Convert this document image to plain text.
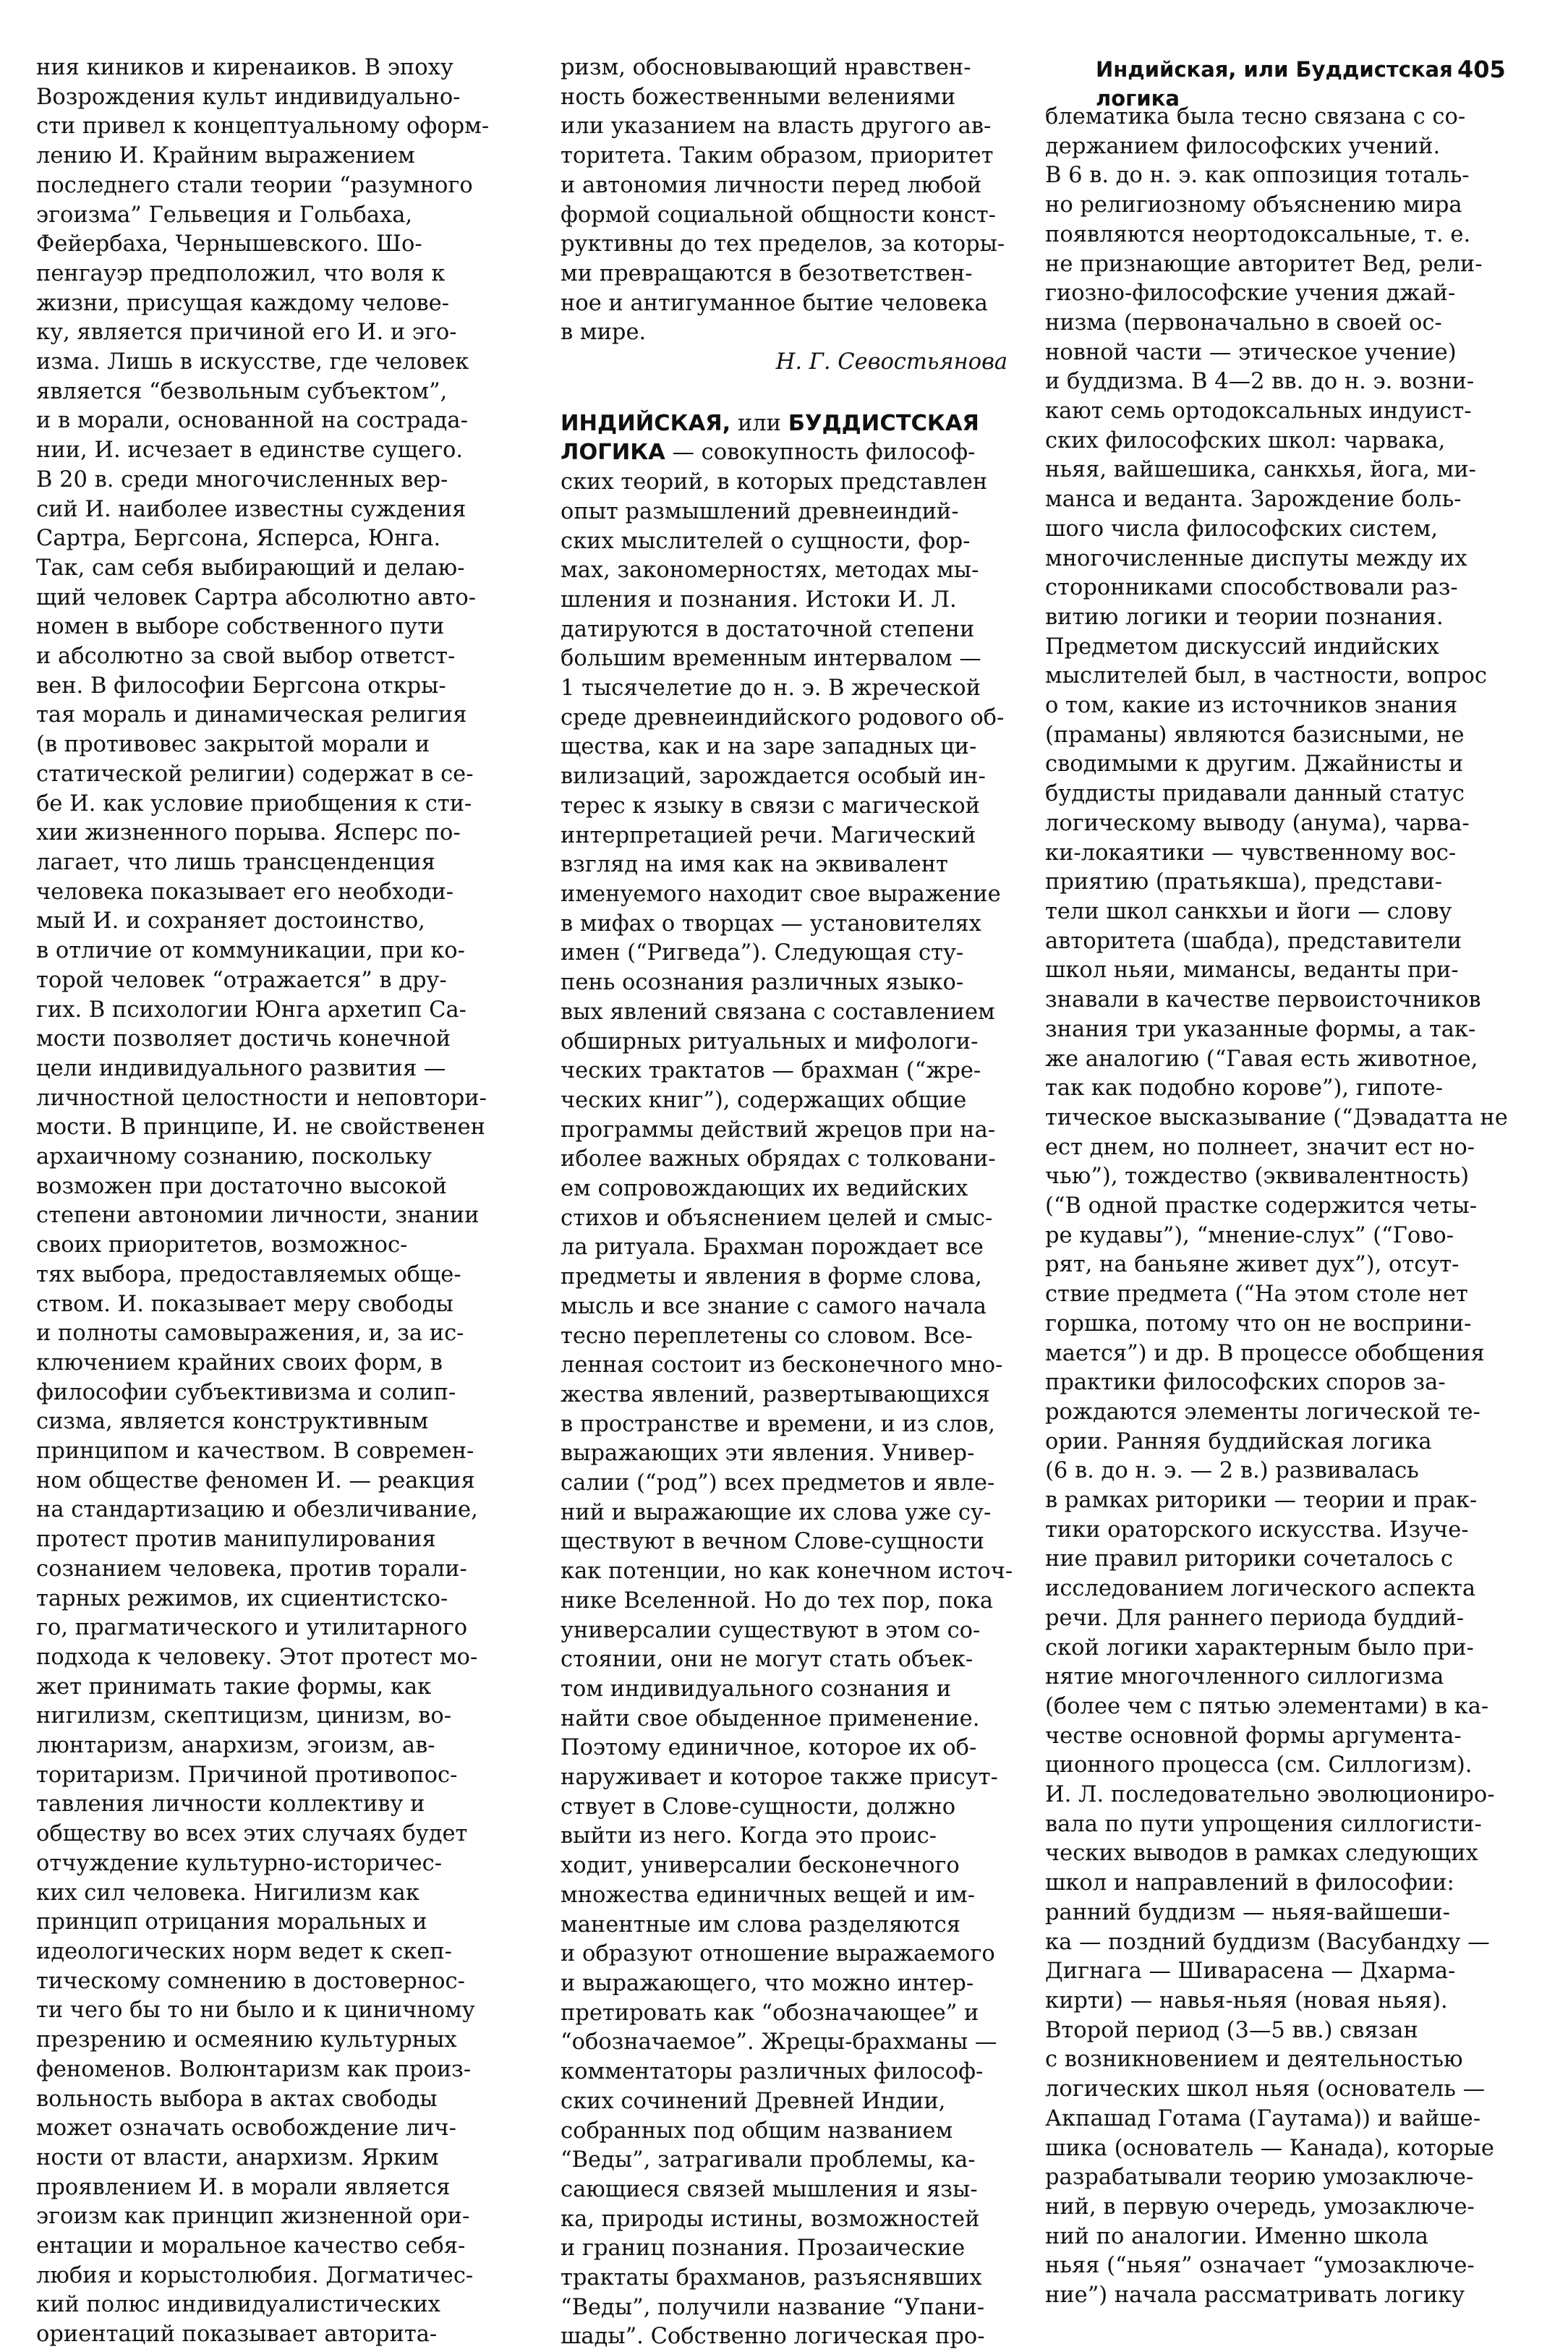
Индийская, или Буддистская
логика
405
ния киников и киренаиков. В эпоху
Возрождения культ индивидуально-
сти привел к концептуальному оформ-
лению И. Крайним выражением
последнего стали теории “разумного
эгоизма” Гельвеция и Гольбаха,
Фейербаха, Чернышевского. Шо-
пенгауэр предположил, что воля к
жизни, присущая каждому челове-
ку, является причиной его И. и эго-
изма. Лишь в искусстве, где человек
является “безвольным субъектом”,
и в морали, основанной на сострада-
нии, И. исчезает в единстве сущего.
В 20 в. среди многочисленных вер-
сий И. наиболее известны суждения
Сартра, Бергсона, Ясперса, Юнга.
Так, сам себя выбирающий и делаю-
щий человек Сартра абсолютно авто-
номен в выборе собственного пути
и абсолютно за свой выбор ответст-
вен. В философии Бергсона откры-
тая мораль и динамическая религия
(в противовес закрытой морали и
статической религии) содержат в се-
бе И. как условие приобщения к сти-
хии жизненного порыва. Ясперс по-
лагает, что лишь трансценденция
человека показывает его необходи-
мый И. и сохраняет достоинство,
в отличие от коммуникации, при ко-
торой человек “отражается” в дру-
гих. В психологии Юнга архетип Са-
мости позволяет достичь конечной
цели индивидуального развития —
личностной целостности и неповтори-
мости. В принципе, И. не свойственен
архаичному сознанию, поскольку
возможен при достаточно высокой
степени автономии личности, знании
своих приоритетов, возможнос-
тях выбора, предоставляемых обще-
ством. И. показывает меру свободы
и полноты самовыражения, и, за ис-
ключением крайних своих форм, в
философии субъективизма и солип-
сизма, является конструктивным
принципом и качеством. В современ-
ном обществе феномен И. — реакция
на стандартизацию и обезличивание,
протест против манипулирования
сознанием человека, против торали-
тарных режимов, их сциентистско-
го, прагматического и утилитарного
подхода к человеку. Этот протест мо-
жет принимать такие формы, как
нигилизм, скептицизм, цинизм, во-
люнтаризм, анархизм, эгоизм, ав-
торитаризм. Причиной противопос-
тавления личности коллективу и
обществу во всех этих случаях будет
отчуждение культурно-историчес-
ких сил человека. Нигилизм как
принцип отрицания моральных и
идеологических норм ведет к скеп-
тическому сомнению в достовернос-
ти чего бы то ни было и к циничному
презрению и осмеянию культурных
феноменов. Волюнтаризм как произ-
вольность выбора в актах свободы
может означать освобождение лич-
ности от власти, анархизм. Ярким
проявлением И. в морали является
эгоизм как принцип жизненной ори-
ентации и моральное качество себя-
любия и корыстолюбия. Догматичес-
кий полюс индивидуалистических
ориентаций показывает авторита-
ризм, обосновывающий нравствен-
ность божественными велениями
или указанием на власть другого ав-
торитета. Таким образом, приоритет
и автономия личности перед любой
формой социальной общности конст-
руктивны до тех пределов, за которы-
ми превращаются в безответствен-
ное и антигуманное бытие человека
в мире.
Н. Г. Севостьянова
ИНДИЙСКАЯ, или БУДДИСТСКАЯ
ЛОГИКА — совокупность философ-
ских теорий, в которых представлен
опыт размышлений древнеиндий-
ских мыслителей о сущности, фор-
мах, закономерностях, методах мы-
шления и познания. Истоки И. Л.
датируются в достаточной степени
большим временным интервалом —
1 тысячелетие до н. э. В жреческой
среде древнеиндийского родового об-
щества, как и на заре западных ци-
вилизаций, зарождается особый ин-
терес к языку в связи с магической
интерпретацией речи. Магический
взгляд на имя как на эквивалент
именуемого находит свое выражение
в мифах о творцах — установителях
имен (“Ригведа”). Следующая сту-
пень осознания различных языко-
вых явлений связана с составлением
обширных ритуальных и мифологи-
ческих трактатов — брахман (“жре-
ческих книг”), содержащих общие
программы действий жрецов при на-
иболее важных обрядах с толковани-
ем сопровождающих их ведийских
стихов и объяснением целей и смыс-
ла ритуала. Брахман порождает все
предметы и явления в форме слова,
мысль и все знание с самого начала
тесно переплетены со словом. Все-
ленная состоит из бесконечного мно-
жества явлений, развертывающихся
в пространстве и времени, и из слов,
выражающих эти явления. Универ-
салии (“род”) всех предметов и явле-
ний и выражающие их слова уже су-
ществуют в вечном Слове-сущности
как потенции, но как конечном источ-
нике Вселенной. Но до тех пор, пока
универсалии существуют в этом со-
стоянии, они не могут стать объек-
том индивидуального сознания и
найти свое обыденное применение.
Поэтому единичное, которое их об-
наруживает и которое также присут-
ствует в Слове-сущности, должно
выйти из него. Когда это проис-
ходит, универсалии бесконечного
множества единичных вещей и им-
манентные им слова разделяются
и образуют отношение выражаемого
и выражающего, что можно интер-
претировать как “обозначающее” и
“обозначаемое”. Жрецы-брахманы —
комментаторы различных философ-
ских сочинений Древней Индии,
собранных под общим названием
“Веды”, затрагивали проблемы, ка-
сающиеся связей мышления и язы-
ка, природы истины, возможностей
и границ познания. Прозаические
трактаты брахманов, разъяснявших
“Веды”, получили название “Упани-
шады”. Собственно логическая про-
блематика была тесно связана с со-
держанием философских учений.
В 6 в. до н. э. как оппозиция тоталь-
но религиозному объяснению мира
появляются неортодоксальные, т. е.
не признающие авторитет Вед, рели-
гиозно-философские учения джай-
низма (первоначально в своей ос-
новной части — этическое учение)
и буддизма. В 4—2 вв. до н. э. возни-
кают семь ортодоксальных индуист-
ских философских школ: чарвака,
ньяя, вайшешика, санкхья, йога, ми-
манса и веданта. Зарождение боль-
шого числа философских систем,
многочисленные диспуты между их
сторонниками способствовали раз-
витию логики и теории познания.
Предметом дискуссий индийских
мыслителей был, в частности, вопрос
о том, какие из источников знания
(праманы) являются базисными, не
сводимыми к другим. Джайнисты и
буддисты придавали данный статус
логическому выводу (анума), чарва-
ки-локаятики — чувственному вос-
приятию (пратьякша), представи-
тели школ санкхьи и йоги — слову
авторитета (шабда), представители
школ ньяи, мимансы, веданты при-
знавали в качестве первоисточников
знания три указанные формы, а так-
же аналогию (“Гавая есть животное,
так как подобно корове”), гипоте-
тическое высказывание (“Дэвадатта не
ест днем, но полнеет, значит ест но-
чью”), тождество (эквивалентность)
(“В одной прастке содержится четы-
ре кудавы”), “мнение-слух” (“Гово-
рят, на баньяне живет дух”), отсут-
ствие предмета (“На этом столе нет
горшка, потому что он не восприни-
мается”) и др. В процессе обобщения
практики философских споров за-
рождаются элементы логической те-
ории. Ранняя буддийская логика
(6 в. до н. э. — 2 в.) развивалась
в рамках риторики — теории и прак-
тики ораторского искусства. Изуче-
ние правил риторики сочеталось с
исследованием логического аспекта
речи. Для раннего периода буддий-
ской логики характерным было при-
нятие многочленного силлогизма
(более чем с пятью элементами) в ка-
честве основной формы аргумента-
ционного процесса (см. Силлогизм).
И. Л. последовательно эволюциониро-
вала по пути упрощения силлогисти-
ческих выводов в рамках следующих
школ и направлений в философии:
ранний буддизм — ньяя-вайшеши-
ка — поздний буддизм (Васубандху —
Дигнага — Шиварасена — Дхарма-
кирти) — навья-ньяя (новая ньяя).
Второй период (3—5 вв.) связан
с возникновением и деятельностью
логических школ ньяя (основатель —
Акпашад Готама (Гаутама)) и вайше-
шика (основатель — Канада), которые
разрабатывали теорию умозаключе-
ний, в первую очередь, умозаключе-
ний по аналогии. Именно школа
ньяя (“ньяя” означает “умозаключе-
ние”) начала рассматривать логику
